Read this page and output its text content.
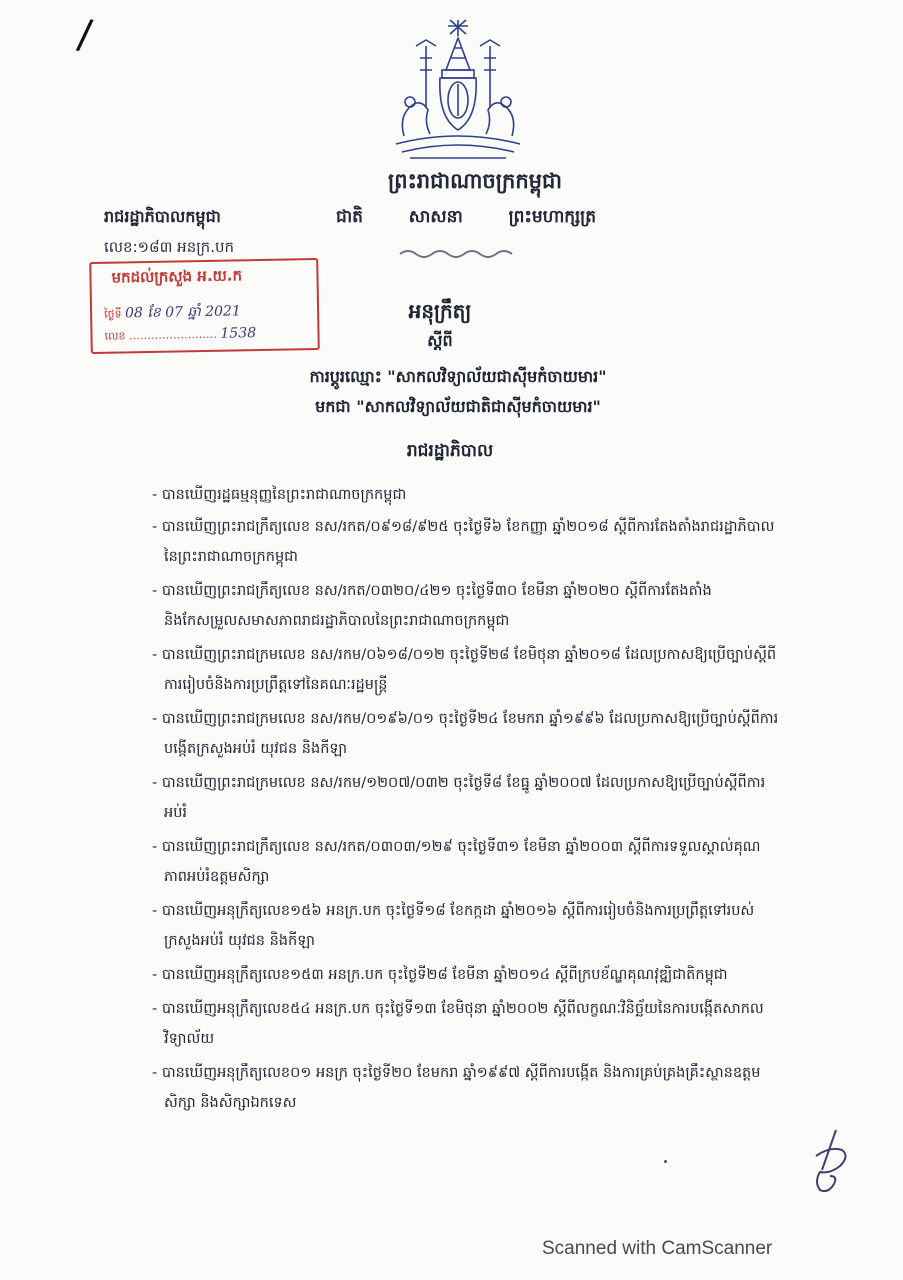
/
ព្រះរាជាណាចក្រកម្ពុជា
ជាតិ	សាសនា	ព្រះមហាក្សត្រ
រាជរដ្ឋាភិបាលកម្ពុជា
លេខ:១៨៣ អនក្រ.បក
មកដល់ក្រសួង អ.យ.ក
ថ្ងៃទី 08 ខែ 07 ឆ្នាំ 2021
លេខ …………………… 1538
អនុក្រឹត្យ
ស្តីពី
ការប្តូរឈ្មោះ "សាកលវិទ្យាល័យជាស៊ីមកំចាយមារ"
មកជា "សាកលវិទ្យាល័យជាតិជាស៊ីមកំចាយមារ"
រាជរដ្ឋាភិបាល
- បានឃើញរដ្ឋធម្មនុញ្ញនៃព្រះរាជាណាចក្រកម្ពុជា
- បានឃើញព្រះរាជក្រឹត្យលេខ នស/រកត/០៩១៨/៩២៥ ចុះថ្ងៃទី៦ ខែកញ្ញា ឆ្នាំ២០១៨ ស្តីពីការតែងតាំងរាជរដ្ឋាភិបាលនៃព្រះរាជាណាចក្រកម្ពុជា
- បានឃើញព្រះរាជក្រឹត្យលេខ នស/រកត/០៣២០/៤២១ ចុះថ្ងៃទី៣០ ខែមីនា ឆ្នាំ២០២០ ស្តីពីការតែងតាំងនិងកែសម្រួលសមាសភាពរាជរដ្ឋាភិបាលនៃព្រះរាជាណាចក្រកម្ពុជា
- បានឃើញព្រះរាជក្រមលេខ នស/រកម/០៦១៨/០១២ ចុះថ្ងៃទី២៨ ខែមិថុនា ឆ្នាំ២០១៨ ដែលប្រកាសឱ្យប្រើច្បាប់ស្តីពីការរៀបចំនិងការប្រព្រឹត្តទៅនៃគណៈរដ្ឋមន្ត្រី
- បានឃើញព្រះរាជក្រមលេខ នស/រកម/០១៩៦/០១ ចុះថ្ងៃទី២៤ ខែមករា ឆ្នាំ១៩៩៦ ដែលប្រកាសឱ្យប្រើច្បាប់ស្តីពីការបង្កើតក្រសួងអប់រំ យុវជន និងកីឡា
- បានឃើញព្រះរាជក្រមលេខ នស/រកម/១២០៧/០៣២ ចុះថ្ងៃទី៨ ខែធ្នូ ឆ្នាំ២០០៧ ដែលប្រកាសឱ្យប្រើច្បាប់ស្តីពីការអប់រំ
- បានឃើញព្រះរាជក្រឹត្យលេខ នស/រកត/០៣០៣/១២៩ ចុះថ្ងៃទី៣១ ខែមីនា ឆ្នាំ២០០៣ ស្តីពីការទទួលស្គាល់គុណភាពអប់រំឧត្តមសិក្សា
- បានឃើញអនុក្រឹត្យលេខ១៥៦ អនក្រ.បក ចុះថ្ងៃទី១៨ ខែកក្កដា ឆ្នាំ២០១៦ ស្តីពីការរៀបចំនិងការប្រព្រឹត្តទៅរបស់ក្រសួងអប់រំ យុវជន និងកីឡា
- បានឃើញអនុក្រឹត្យលេខ១៥៣ អនក្រ.បក ចុះថ្ងៃទី២៨ ខែមីនា ឆ្នាំ២០១៤ ស្តីពីក្របខ័ណ្ឌគុណវុឌ្ឍិជាតិកម្ពុជា
- បានឃើញអនុក្រឹត្យលេខ៥៤ អនក្រ.បក ចុះថ្ងៃទី១៣ ខែមិថុនា ឆ្នាំ២០០២ ស្តីពីលក្ខណៈវិនិច្ឆ័យនៃការបង្កើតសាកលវិទ្យាល័យ
- បានឃើញអនុក្រឹត្យលេខ០១ អនក្រ ចុះថ្ងៃទី២០ ខែមករា ឆ្នាំ១៩៩៧ ស្តីពីការបង្កើត និងការគ្រប់គ្រងគ្រឹះស្ថានឧត្តមសិក្សា និងសិក្សាឯកទេស
Scanned with CamScanner
